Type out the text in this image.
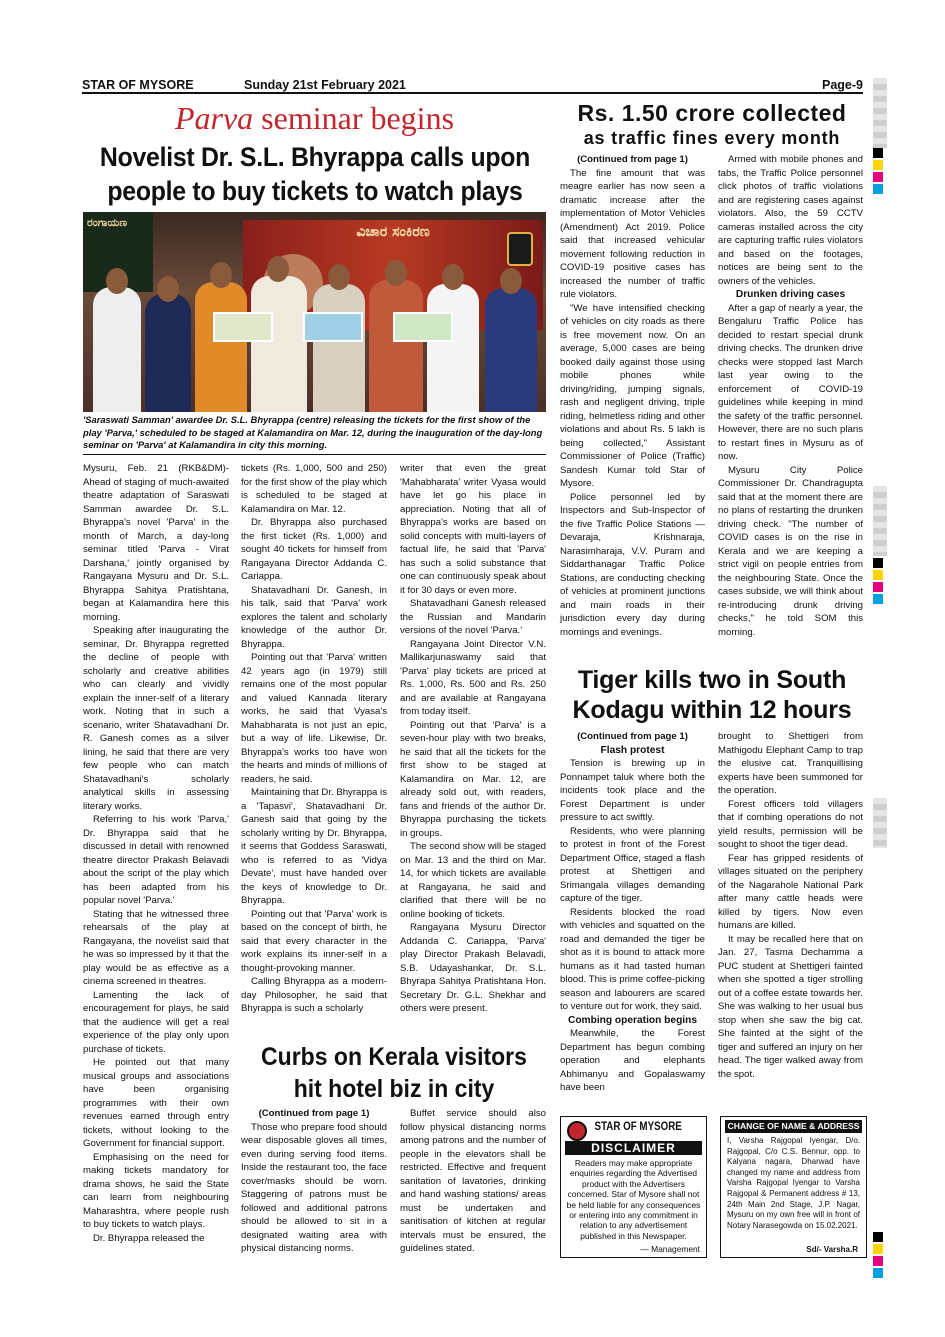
STAR OF MYSORE	Sunday 21st February 2021	Page-9
Parva seminar begins
Novelist Dr. S.L. Bhyrappa calls upon
people to buy tickets to watch plays
ವಿಚಾರ ಸಂಕಿರಣ
ರಂಗಾಯಣ
'Saraswati Samman' awardee Dr. S.L. Bhyrappa (centre) releasing the tickets for the first show of the play 'Parva,' scheduled to be staged at Kalamandira on Mar. 12, during the inauguration of the day-long seminar on 'Parva' at Kalamandira in city this morning.

Mysuru, Feb. 21 (RKB&DM)-Ahead of staging of much-awaited theatre adaptation of Saraswati Samman awardee Dr. S.L. Bhyrappa's novel 'Parva' in the month of March, a day-long seminar titled 'Parva - Virat Darshana,' jointly organised by Rangayana Mysuru and Dr. S.L. Bhyrappa Sahitya Pratishtana, began at Kalamandira here this morning.

Speaking after inaugurating the seminar, Dr. Bhyrappa regretted the decline of people with scholarly and creative abilities who can clearly and vividly explain the inner-self of a literary work. Noting that in such a scenario, writer Shatavadhani Dr. R. Ganesh comes as a silver lining, he said that there are very few people who can match Shatavadhani's scholarly analytical skills in assessing literary works.

Referring to his work 'Parva,' Dr. Bhyrappa said that he discussed in detail with renowned theatre director Prakash Belavadi about the script of the play which has been adapted from his popular novel 'Parva.'

Stating that he witnessed three rehearsals of the play at Rangayana, the novelist said that he was so impressed by it that the play would be as effective as a cinema screened in theatres.

Lamenting the lack of encouragement for plays, he said that the audience will get a real experience of the play only upon purchase of tickets.

He pointed out that many musical groups and associations have been organising programmes with their own revenues earned through entry tickets, without looking to the Government for financial support.

Emphasising on the need for making tickets mandatory for drama shows, he said the State can learn from neighbouring Maharashtra, where people rush to buy tickets to watch plays.

Dr. Bhyrappa released the

tickets (Rs. 1,000, 500 and 250) for the first show of the play which is scheduled to be staged at Kalamandira on Mar. 12.

Dr. Bhyrappa also purchased the first ticket (Rs. 1,000) and sought 40 tickets for himself from Rangayana Director Addanda C. Cariappa.

Shatavadhani Dr. Ganesh, in his talk, said that 'Parva' work explores the talent and scholarly knowledge of the author Dr. Bhyrappa.

Pointing out that 'Parva' written 42 years ago (in 1979) still remains one of the most popular and valued Kannada literary works, he said that Vyasa's Mahabharata is not just an epic, but a way of life. Likewise, Dr. Bhyrappa's works too have won the hearts and minds of millions of readers, he said.

Maintaining that Dr. Bhyrappa is a 'Tapasvi', Shatavadhani Dr. Ganesh said that going by the scholarly writing by Dr. Bhyrappa, it seems that Goddess Saraswati, who is referred to as 'Vidya Devate', must have handed over the keys of knowledge to Dr. Bhyrappa.

Pointing out that 'Parva' work is based on the concept of birth, he said that every character in the work explains its inner-self in a thought-provoking manner.

Calling Bhyrappa as a modern-day Philosopher, he said that Bhyrappa is such a scholarly

writer that even the great 'Mahabharata' writer Vyasa would have let go his place in appreciation. Noting that all of Bhyrappa's works are based on solid concepts with multi-layers of factual life, he said that 'Parva' has such a solid substance that one can continuously speak about it for 30 days or even more.

Shatavadhani Ganesh released the Russian and Mandarin versions of the novel 'Parva.'

Rangayana Joint Director V.N. Mallikarjunaswamy said that 'Parva' play tickets are priced at Rs. 1,000, Rs. 500 and Rs. 250 and are available at Rangayana from today itself.

Pointing out that 'Parva' is a seven-hour play with two breaks, he said that all the tickets for the first show to be staged at Kalamandira on Mar. 12, are already sold out, with readers, fans and friends of the author Dr. Bhyrappa purchasing the tickets in groups.

The second show will be staged on Mar. 13 and the third on Mar. 14, for which tickets are available at Rangayana, he said and clarified that there will be no online booking of tickets.

Rangayana Mysuru Director Addanda C. Cariappa, 'Parva' play Director Prakash Belavadi, S.B. Udayashankar, Dr. S.L. Bhyrapa Sahitya Pratishtana Hon. Secretary Dr. G.L. Shekhar and others were present.

Curbs on Kerala visitors
hit hotel biz in city

(Continued from page 1)

Those who prepare food should wear disposable gloves all times, even during serving food items. Inside the restaurant too, the face cover/masks should be worn. Staggering of patrons must be followed and additional patrons should be allowed to sit in a designated waiting area with physical distancing norms.

Buffet service should also follow physical distancing norms among patrons and the number of people in the elevators shall be restricted. Effective and frequent sanitation of lavatories, drinking and hand washing stations/ areas must be undertaken and sanitisation of kitchen at regular intervals must be ensured, the guidelines stated.

Rs. 1.50 crore collected
as traffic fines every month

(Continued from page 1)

The fine amount that was meagre earlier has now seen a dramatic increase after the implementation of Motor Vehicles (Amendment) Act 2019. Police said that increased vehicular movement following reduction in COVID-19 positive cases has increased the number of traffic rule violators.

"We have intensified checking of vehicles on city roads as there is free movement now. On an average, 5,000 cases are being booked daily against those using mobile phones while driving/riding, jumping signals, rash and negligent driving, triple riding, helmetless riding and other violations and about Rs. 5 lakh is being collected," Assistant Commissioner of Police (Traffic) Sandesh Kumar told Star of Mysore.

Police personnel led by Inspectors and Sub-Inspector of the five Traffic Police Stations — Devaraja, Krishnaraja, Narasimharaja, V.V. Puram and Siddarthanagar Traffic Police Stations, are conducting checking of vehicles at prominent junctions and main roads in their jurisdiction every day during mornings and evenings.

Armed with mobile phones and tabs, the Traffic Police personnel click photos of traffic violations and are registering cases against violators. Also, the 59 CCTV cameras installed across the city are capturing traffic rules violators and based on the footages, notices are being sent to the owners of the vehicles.

Drunken driving cases

After a gap of nearly a year, the Bengaluru Traffic Police has decided to restart special drunk driving checks. The drunken drive checks were stopped last March last year owing to the enforcement of COVID-19 guidelines while keeping in mind the safety of the traffic personnel. However, there are no such plans to restart fines in Mysuru as of now.

Mysuru City Police Commissioner Dr. Chandragupta said that at the moment there are no plans of restarting the drunken driving check. "The number of COVID cases is on the rise in Kerala and we are keeping a strict vigil on people entries from the neighbouring State. Once the cases subside, we will think about re-introducing drunk driving checks," he told SOM this morning.

Tiger kills two in South
Kodagu within 12 hours

(Continued from page 1)

Flash protest

Tension is brewing up in Ponnampet taluk where both the incidents took place and the Forest Department is under pressure to act swiftly.

Residents, who were planning to protest in front of the Forest Department Office, staged a flash protest at Shettigeri and Srimangala villages demanding capture of the tiger.

Residents blocked the road with vehicles and squatted on the road and demanded the tiger be shot as it is bound to attack more humans as it had tasted human blood. This is prime coffee-picking season and labourers are scared to venture out for work, they said.

Combing operation begins

Meanwhile, the Forest Department has begun combing operation and elephants Abhimanyu and Gopalaswamy have been

brought to Shettigeri from Mathigodu Elephant Camp to trap the elusive cat. Tranquillising experts have been summoned for the operation.

Forest officers told villagers that if combing operations do not yield results, permission will be sought to shoot the tiger dead.

Fear has gripped residents of villages situated on the periphery of the Nagarahole National Park after many cattle heads were killed by tigers. Now even humans are killed.

It may be recalled here that on Jan. 27, Tasma Dechamma a PUC student at Shettigeri fainted when she spotted a tiger strolling out of a coffee estate towards her. She was walking to her usual bus stop when she saw the big cat. She fainted at the sight of the tiger and suffered an injury on her head. The tiger walked away from the spot.

STAR OF MYSORE
DISCLAIMER
Readers may make appropriate enquiries regarding the Advertised product with the Advertisers concerned. Star of Mysore shall not be held liable for any consequences or entering into any commitment in relation to any advertisement published in this Newspaper.
— Management
CHANGE OF NAME & ADDRESS
I, Varsha Rajgopal Iyengar, D/o. Rajgopal, C/o C.S. Bennur, opp. to Kalyana nagara, Dharwad have changed my name and address from Varsha Rajgopal Iyengar to Varsha Rajgopal & Permanent address # 13, 24th Main 2nd Stage, J.P. Nagar, Mysuru on my own free will in front of Notary Narasegowda on 15.02.2021.
Sd/- Varsha.R
